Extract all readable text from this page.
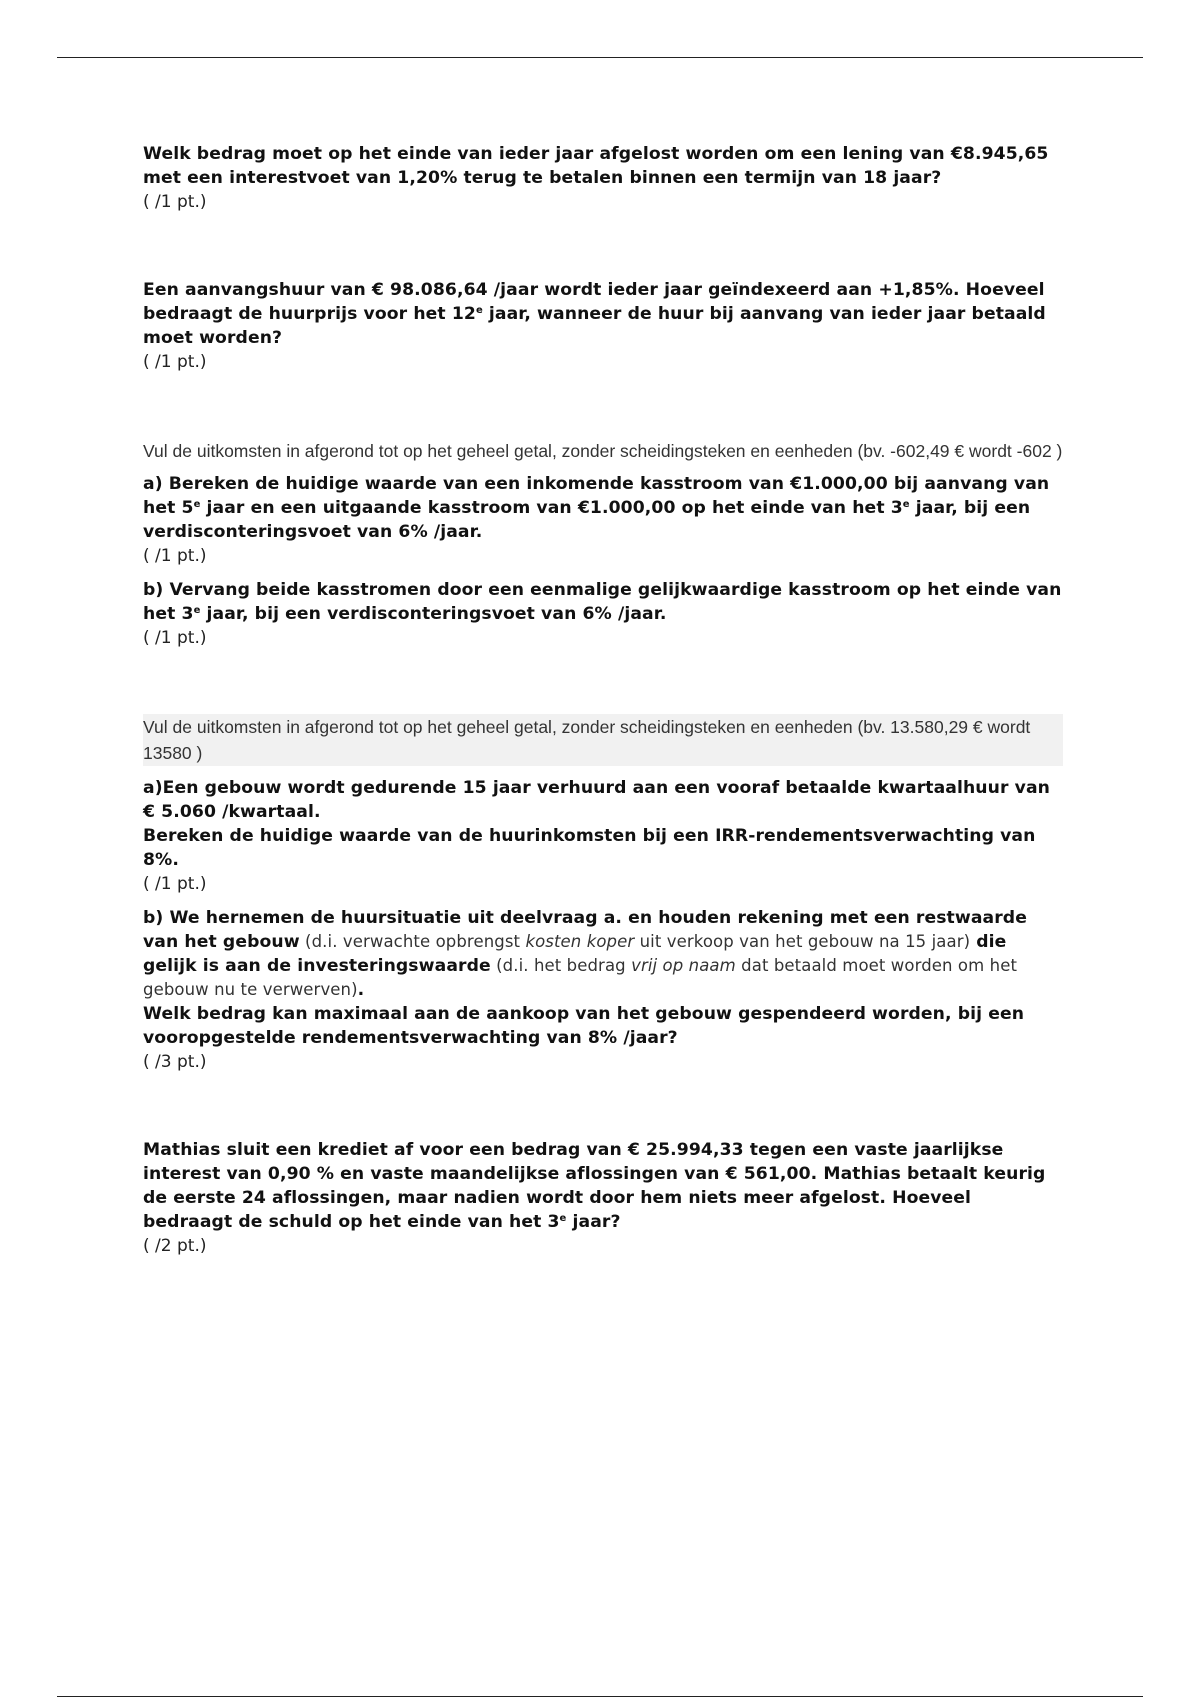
Welk bedrag moet op het einde van ieder jaar afgelost worden om een lening van €8.945,65 met een interestvoet van 1,20% terug te betalen binnen een termijn van 18 jaar?

( /1 pt.)

Een aanvangshuur van € 98.086,64 /jaar wordt ieder jaar geïndexeerd aan +1,85%. Hoeveel bedraagt de huurprijs voor het 12e jaar, wanneer de huur bij aanvang van ieder jaar betaald moet worden?

( /1 pt.)

Vul de uitkomsten in afgerond tot op het geheel getal, zonder scheidingsteken en eenheden (bv. -602,49 € wordt -602 )

a) Bereken de huidige waarde van een inkomende kasstroom van €1.000,00 bij aanvang van het 5e jaar en een uitgaande kasstroom van €1.000,00 op het einde van het 3e jaar, bij een verdisconteringsvoet van 6% /jaar.

( /1 pt.)

b) Vervang beide kasstromen door een eenmalige gelijkwaardige kasstroom op het einde van het 3e jaar, bij een verdisconteringsvoet van 6% /jaar.

( /1 pt.)

Vul de uitkomsten in afgerond tot op het geheel getal, zonder scheidingsteken en eenheden (bv. 13.580,29 € wordt 13580 )

a)Een gebouw wordt gedurende 15 jaar verhuurd aan een vooraf betaalde kwartaalhuur van € 5.060 /kwartaal.

Bereken de huidige waarde van de huurinkomsten bij een IRR-rendementsverwachting van 8%.

( /1 pt.)

b) We hernemen de huursituatie uit deelvraag a. en houden rekening met een restwaarde van het gebouw (d.i. verwachte opbrengst kosten koper uit verkoop van het gebouw na 15 jaar) die gelijk is aan de investeringswaarde (d.i. het bedrag vrij op naam dat betaald moet worden om het gebouw nu te verwerven).

Welk bedrag kan maximaal aan de aankoop van het gebouw gespendeerd worden, bij een vooropgestelde rendementsverwachting van 8% /jaar?

( /3 pt.)

Mathias sluit een krediet af voor een bedrag van € 25.994,33 tegen een vaste jaarlijkse interest van 0,90 % en vaste maandelijkse aflossingen van € 561,00. Mathias betaalt keurig de eerste 24 aflossingen, maar nadien wordt door hem niets meer afgelost. Hoeveel bedraagt de schuld op het einde van het 3e jaar?

( /2 pt.)
